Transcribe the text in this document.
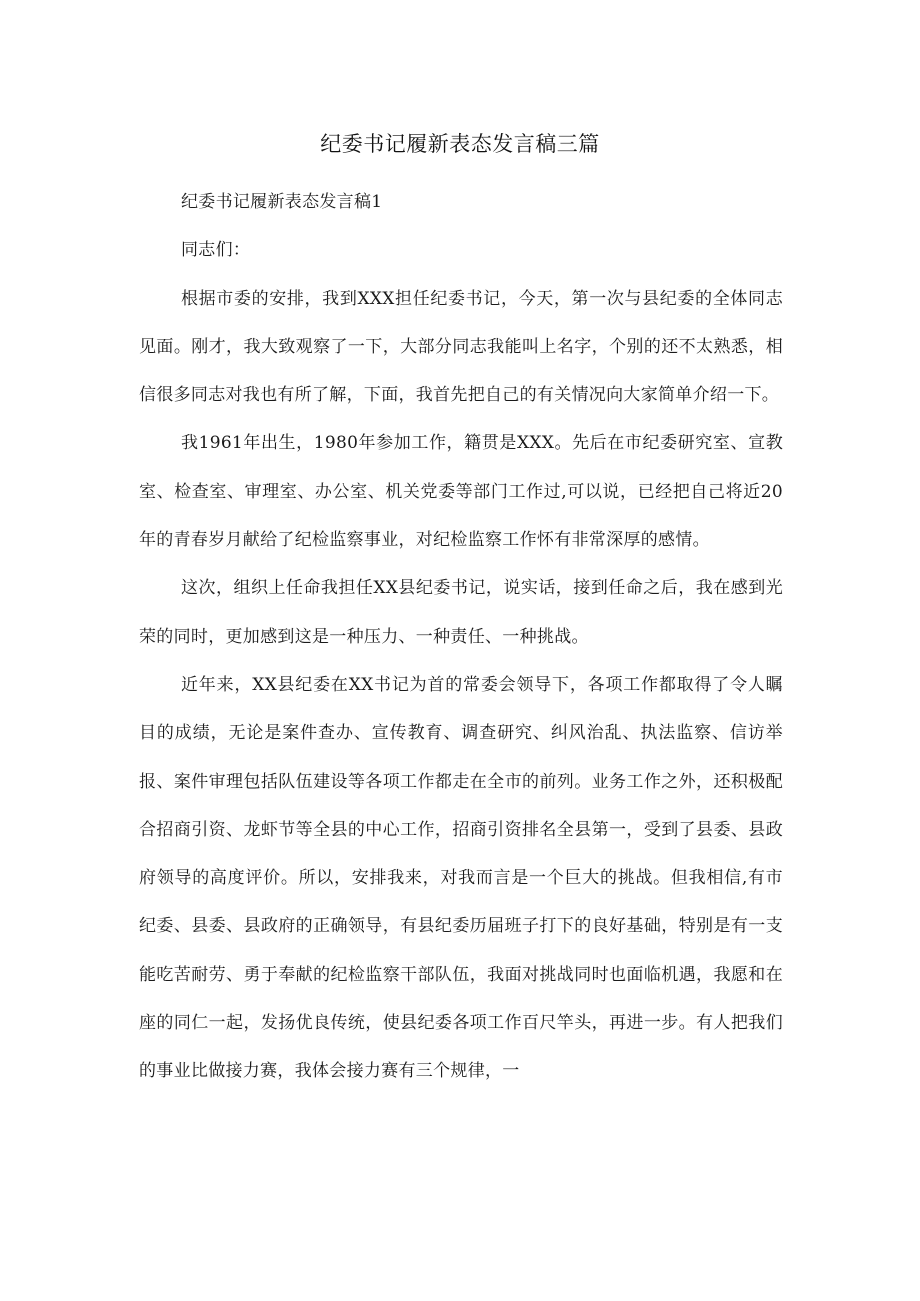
纪委书记履新表态发言稿三篇

纪委书记履新表态发言稿1

同志们：

根据市委的安排，我到XXX担任纪委书记，今天，第一次与县纪委的全体同志见面。刚才，我大致观察了一下，大部分同志我能叫上名字，个别的还不太熟悉，相信很多同志对我也有所了解，下面，我首先把自己的有关情况向大家简单介绍一下。

我1961年出生，1980年参加工作，籍贯是XXX。先后在市纪委研究室、宣教室、检查室、审理室、办公室、机关党委等部门工作过,可以说，已经把自己将近20年的青春岁月献给了纪检监察事业，对纪检监察工作怀有非常深厚的感情。

这次，组织上任命我担任XX县纪委书记，说实话，接到任命之后，我在感到光荣的同时，更加感到这是一种压力、一种责任、一种挑战。

近年来，XX县纪委在XX书记为首的常委会领导下，各项工作都取得了令人瞩目的成绩，无论是案件查办、宣传教育、调查研究、纠风治乱、执法监察、信访举报、案件审理包括队伍建设等各项工作都走在全市的前列。业务工作之外，还积极配合招商引资、龙虾节等全县的中心工作，招商引资排名全县第一，受到了县委、县政府领导的高度评价。所以，安排我来，对我而言是一个巨大的挑战。但我相信,有市纪委、县委、县政府的正确领导，有县纪委历届班子打下的良好基础，特别是有一支能吃苦耐劳、勇于奉献的纪检监察干部队伍，我面对挑战同时也面临机遇，我愿和在座的同仁一起，发扬优良传统，使县纪委各项工作百尺竿头，再进一步。有人把我们的事业比做接力赛，我体会接力赛有三个规律，一
